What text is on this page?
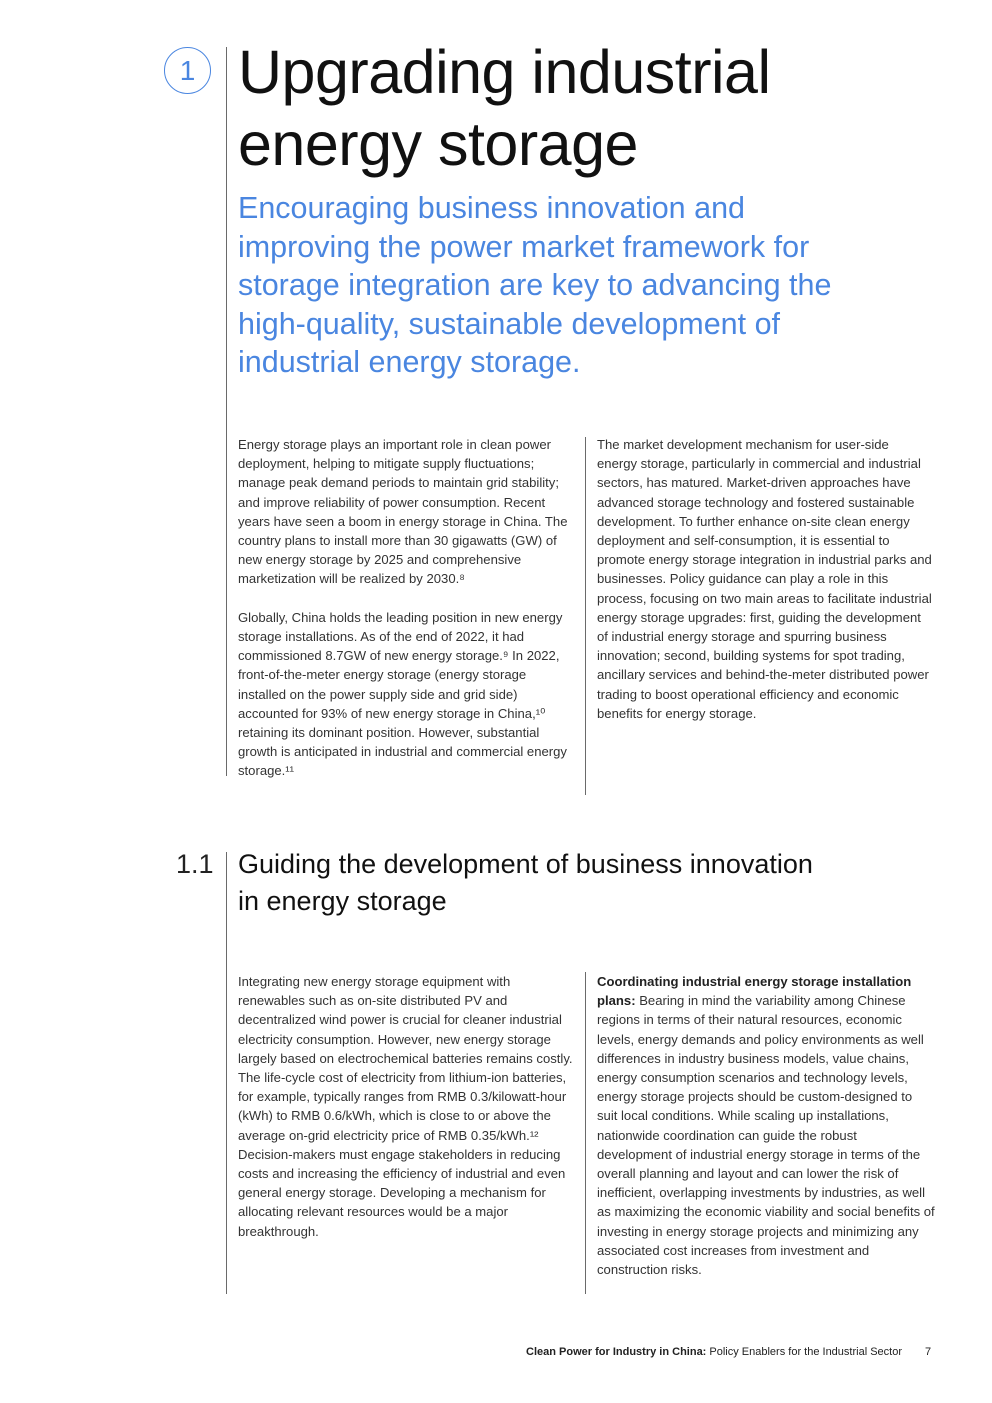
1 Upgrading industrial
energy storage
Encouraging business innovation and improving the power market framework for storage integration are key to advancing the high-quality, sustainable development of industrial energy storage.

Energy storage plays an important role in clean power deployment, helping to mitigate supply fluctuations; manage peak demand periods to maintain grid stability; and improve reliability of power consumption. Recent years have seen a boom in energy storage in China. The country plans to install more than 30 gigawatts (GW) of new energy storage by 2025 and comprehensive marketization will be realized by 2030.⁸

Globally, China holds the leading position in new energy storage installations. As of the end of 2022, it had commissioned 8.7GW of new energy storage.⁹ In 2022, front-of-the-meter energy storage (energy storage installed on the power supply side and grid side) accounted for 93% of new energy storage in China,¹⁰ retaining its dominant position. However, substantial growth is anticipated in industrial and commercial energy storage.¹¹

The market development mechanism for user-side energy storage, particularly in commercial and industrial sectors, has matured. Market-driven approaches have advanced storage technology and fostered sustainable development. To further enhance on-site clean energy deployment and self-consumption, it is essential to promote energy storage integration in industrial parks and businesses. Policy guidance can play a role in this process, focusing on two main areas to facilitate industrial energy storage upgrades: first, guiding the development of industrial energy storage and spurring business innovation; second, building systems for spot trading, ancillary services and behind-the-meter distributed power trading to boost operational efficiency and economic benefits for energy storage.

1.1 Guiding the development of business innovation
in energy storage

Integrating new energy storage equipment with renewables such as on-site distributed PV and decentralized wind power is crucial for cleaner industrial electricity consumption. However, new energy storage largely based on electrochemical batteries remains costly. The life-cycle cost of electricity from lithium-ion batteries, for example, typically ranges from RMB 0.3/kilowatt-hour (kWh) to RMB 0.6/kWh, which is close to or above the average on-grid electricity price of RMB 0.35/kWh.¹² Decision-makers must engage stakeholders in reducing costs and increasing the efficiency of industrial and even general energy storage. Developing a mechanism for allocating relevant resources would be a major breakthrough.

Coordinating industrial energy storage installation plans: Bearing in mind the variability among Chinese regions in terms of their natural resources, economic levels, energy demands and policy environments as well differences in industry business models, value chains, energy consumption scenarios and technology levels, energy storage projects should be custom-designed to suit local conditions. While scaling up installations, nationwide coordination can guide the robust development of industrial energy storage in terms of the overall planning and layout and can lower the risk of inefficient, overlapping investments by industries, as well as maximizing the economic viability and social benefits of investing in energy storage projects and minimizing any associated cost increases from investment and construction risks.

Clean Power for Industry in China: Policy Enablers for the Industrial Sector 7
